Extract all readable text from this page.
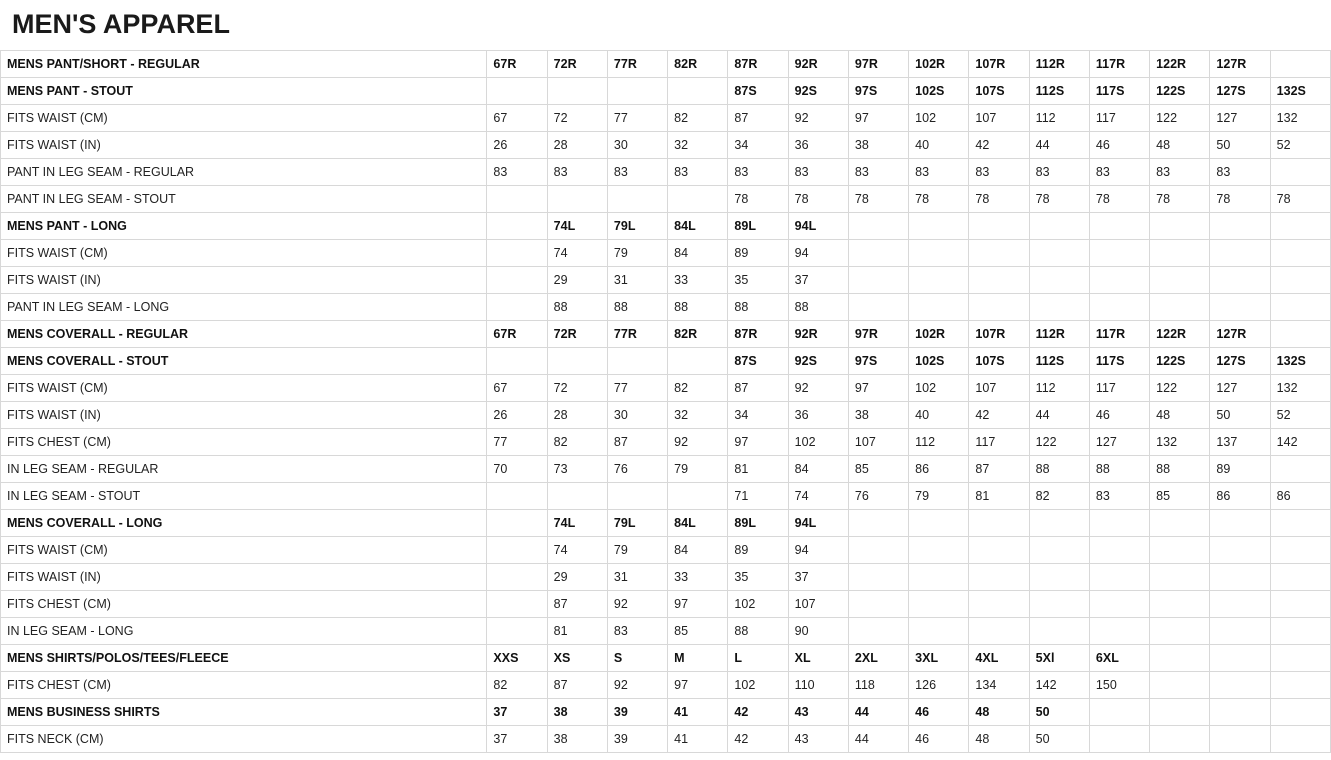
MEN'S APPAREL
MENS PANT/SHORT - REGULAR	67R	72R	77R	82R	87R	92R	97R	102R	107R	112R	117R	122R	127R	
MENS PANT - STOUT					87S	92S	97S	102S	107S	112S	117S	122S	127S	132S
FITS WAIST (CM)	67	72	77	82	87	92	97	102	107	112	117	122	127	132
FITS WAIST (IN)	26	28	30	32	34	36	38	40	42	44	46	48	50	52
PANT IN LEG SEAM - REGULAR	83	83	83	83	83	83	83	83	83	83	83	83	83	
PANT IN LEG SEAM - STOUT					78	78	78	78	78	78	78	78	78	78
MENS PANT - LONG		74L	79L	84L	89L	94L								
FITS WAIST (CM)		74	79	84	89	94								
FITS WAIST (IN)		29	31	33	35	37								
PANT IN LEG SEAM - LONG		88	88	88	88	88								
MENS COVERALL - REGULAR	67R	72R	77R	82R	87R	92R	97R	102R	107R	112R	117R	122R	127R	
MENS COVERALL - STOUT					87S	92S	97S	102S	107S	112S	117S	122S	127S	132S
FITS WAIST (CM)	67	72	77	82	87	92	97	102	107	112	117	122	127	132
FITS WAIST (IN)	26	28	30	32	34	36	38	40	42	44	46	48	50	52
FITS CHEST (CM)	77	82	87	92	97	102	107	112	117	122	127	132	137	142
IN LEG SEAM - REGULAR	70	73	76	79	81	84	85	86	87	88	88	88	89	
IN LEG SEAM - STOUT					71	74	76	79	81	82	83	85	86	86
MENS COVERALL - LONG		74L	79L	84L	89L	94L								
FITS WAIST (CM)		74	79	84	89	94								
FITS WAIST (IN)		29	31	33	35	37								
FITS CHEST (CM)		87	92	97	102	107								
IN LEG SEAM - LONG		81	83	85	88	90								
MENS SHIRTS/POLOS/TEES/FLEECE	XXS	XS	S	M	L	XL	2XL	3XL	4XL	5Xl	6XL			
FITS CHEST (CM)	82	87	92	97	102	110	118	126	134	142	150			
MENS BUSINESS SHIRTS	37	38	39	41	42	43	44	46	48	50				
FITS NECK (CM)	37	38	39	41	42	43	44	46	48	50				
